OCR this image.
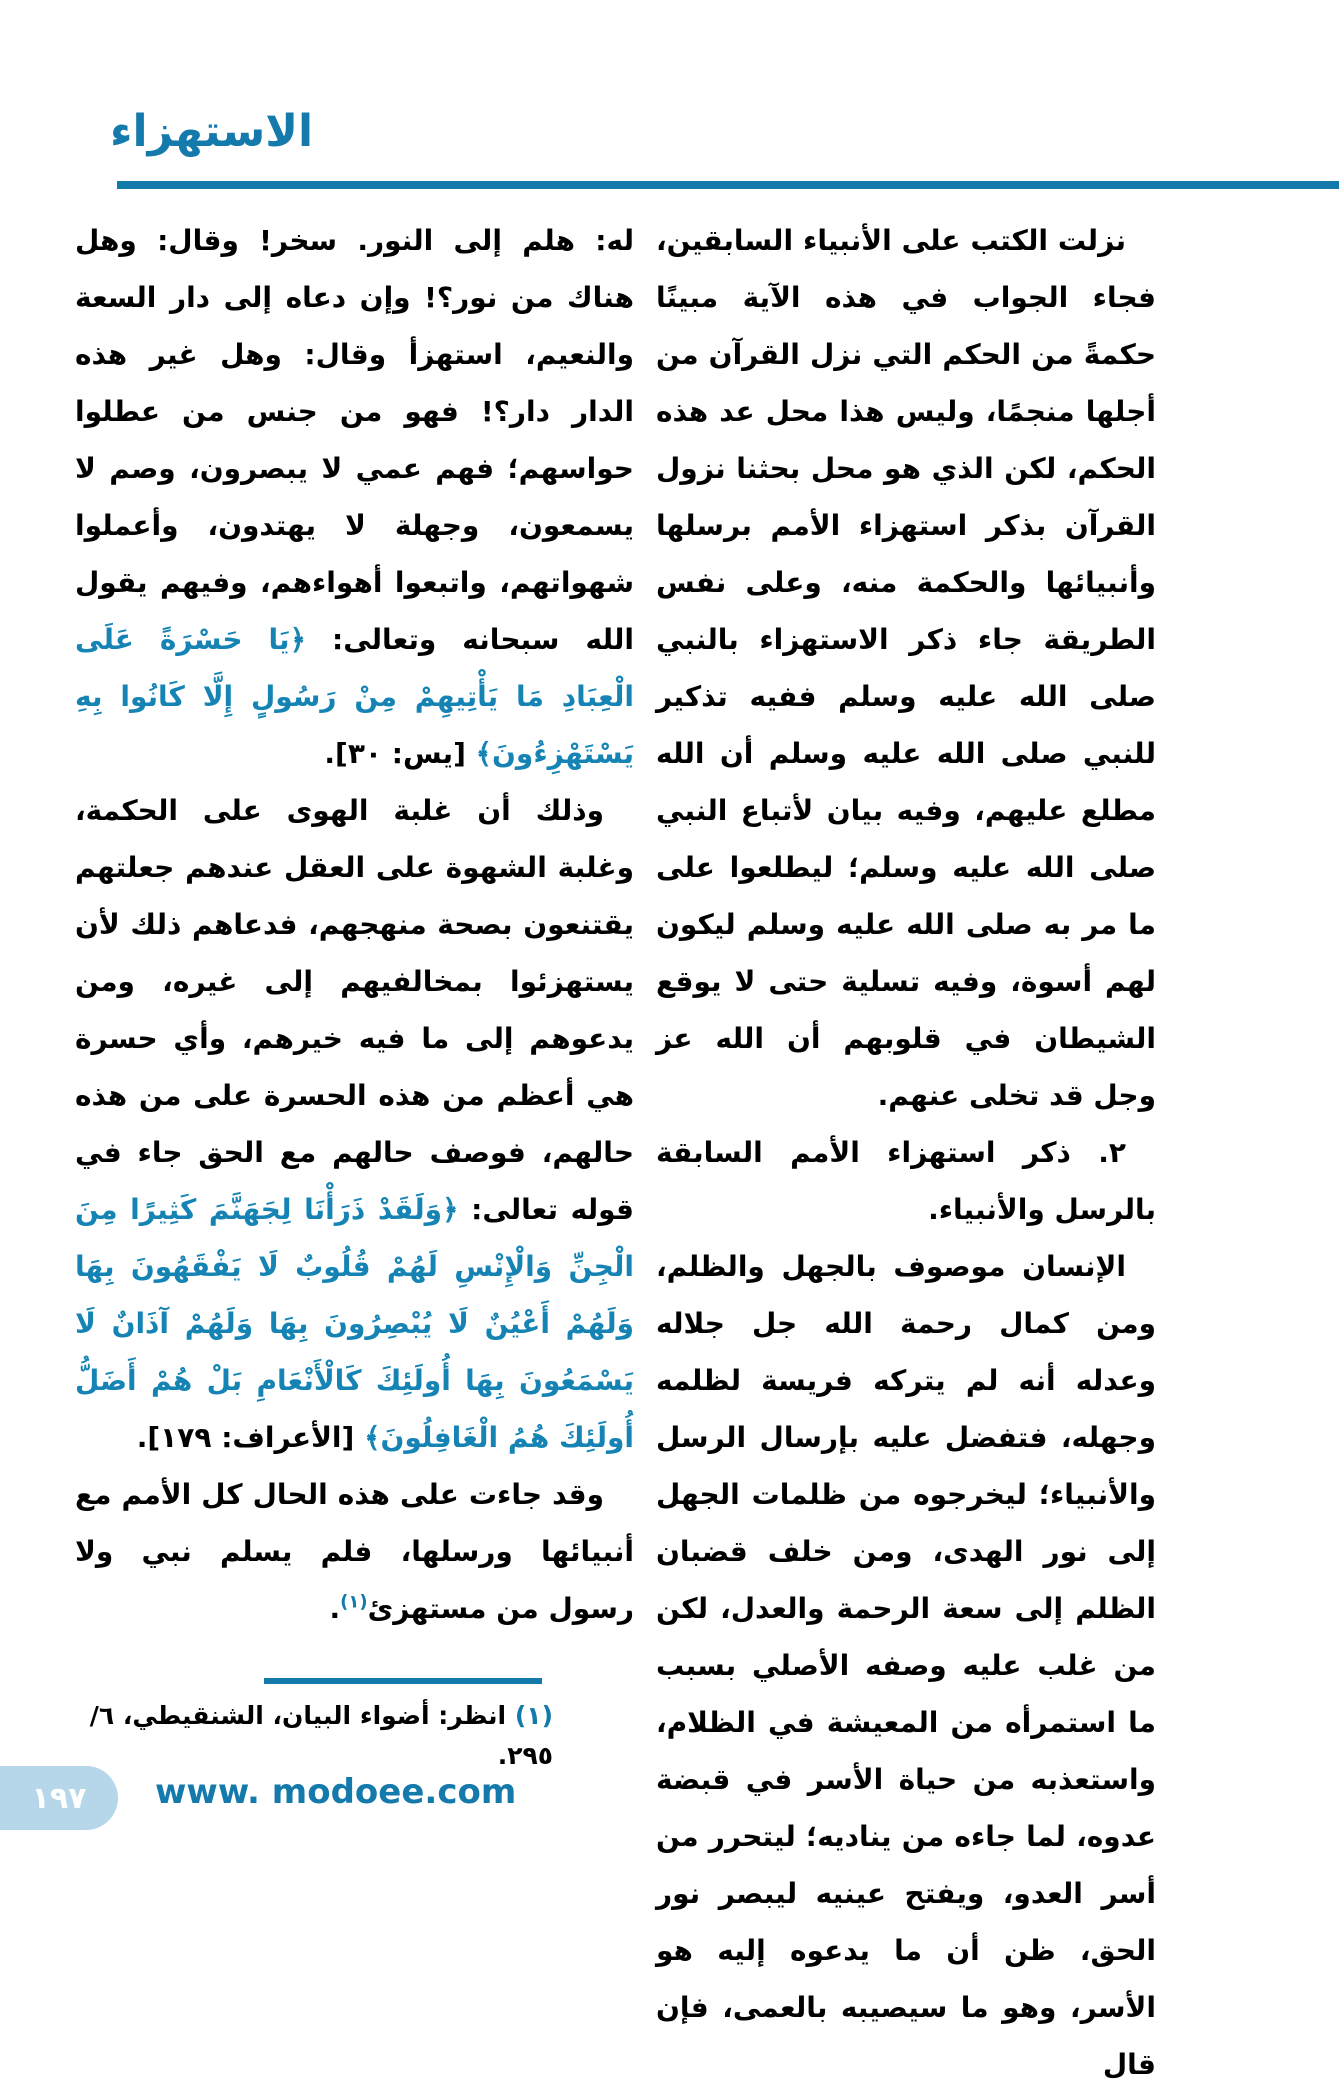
الاستهزاء

نزلت الكتب على الأنبياء السابقين، فجاء الجواب في هذه الآية مبينًا حكمةً من الحكم التي نزل القرآن من أجلها منجمًا، وليس هذا محل عد هذه الحكم، لكن الذي هو محل بحثنا نزول القرآن بذكر استهزاء الأمم برسلها وأنبيائها والحكمة منه، وعلى نفس الطريقة جاء ذكر الاستهزاء بالنبي صلى الله عليه وسلم ففيه تذكير للنبي صلى الله عليه وسلم أن الله مطلع عليهم، وفيه بيان لأتباع النبي صلى الله عليه وسلم؛ ليطلعوا على ما مر به صلى الله عليه وسلم ليكون لهم أسوة، وفيه تسلية حتى لا يوقع الشيطان في قلوبهم أن الله عز وجل قد تخلى عنهم.

٢. ذكر استهزاء الأمم السابقة بالرسل والأنبياء.

الإنسان موصوف بالجهل والظلم، ومن كمال رحمة الله جل جلاله وعدله أنه لم يتركه فريسة لظلمه وجهله، فتفضل عليه بإرسال الرسل والأنبياء؛ ليخرجوه من ظلمات الجهل إلى نور الهدى، ومن خلف قضبان الظلم إلى سعة الرحمة والعدل، لكن من غلب عليه وصفه الأصلي بسبب ما استمرأه من المعيشة في الظلام، واستعذبه من حياة الأسر في قبضة عدوه، لما جاءه من يناديه؛ ليتحرر من أسر العدو، ويفتح عينيه ليبصر نور الحق، ظن أن ما يدعوه إليه هو الأسر، وهو ما سيصيبه بالعمى، فإن قال

له: هلم إلى النور. سخر! وقال: وهل هناك من نور؟! وإن دعاه إلى دار السعة والنعيم، استهزأ وقال: وهل غير هذه الدار دار؟! فهو من جنس من عطلوا حواسهم؛ فهم عمي لا يبصرون، وصم لا يسمعون، وجهلة لا يهتدون، وأعملوا شهواتهم، واتبعوا أهواءهم، وفيهم يقول الله سبحانه وتعالى: ﴿يَا حَسْرَةً عَلَى الْعِبَادِ مَا يَأْتِيهِمْ مِنْ رَسُولٍ إِلَّا كَانُوا بِهِ يَسْتَهْزِءُونَ﴾ [يس: ٣٠].

وذلك أن غلبة الهوى على الحكمة، وغلبة الشهوة على العقل عندهم جعلتهم يقتنعون بصحة منهجهم، فدعاهم ذلك لأن يستهزئوا بمخالفيهم إلى غيره، ومن يدعوهم إلى ما فيه خيرهم، وأي حسرة هي أعظم من هذه الحسرة على من هذه حالهم، فوصف حالهم مع الحق جاء في قوله تعالى: ﴿وَلَقَدْ ذَرَأْنَا لِجَهَنَّمَ كَثِيرًا مِنَ الْجِنِّ وَالْإِنْسِ لَهُمْ قُلُوبٌ لَا يَفْقَهُونَ بِهَا وَلَهُمْ أَعْيُنٌ لَا يُبْصِرُونَ بِهَا وَلَهُمْ آذَانٌ لَا يَسْمَعُونَ بِهَا أُولَئِكَ كَالْأَنْعَامِ بَلْ هُمْ أَضَلُّ أُولَئِكَ هُمُ الْغَافِلُونَ﴾ [الأعراف: ١٧٩].

وقد جاءت على هذه الحال كل الأمم مع أنبيائها ورسلها، فلم يسلم نبي ولا رسول من مستهزئ$^{(١)}$.

(١) انظر: أضواء البيان، الشنقيطي، ٦/ ٢٩٥.
١٩٧ www. modoee.com
